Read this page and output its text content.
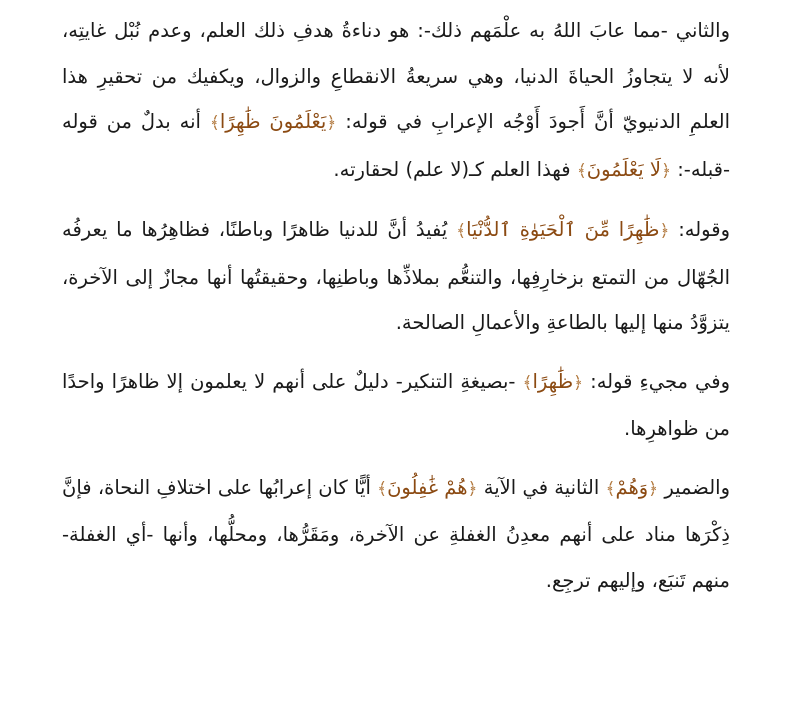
والثاني -مما عابَ اللهُ به علْمَهم ذلك-: هو دناءةُ هدفِ ذلك العلم، وعدم نُبْل غايتِه، لأنه لا يتجاوزُ الحياةَ الدنيا، وهي سريعةُ الانقطاعِ والزوال، ويكفيك من تحقيرِ هذا العلمِ الدنيويّ أنَّ أَجودَ أَوْجُه الإعرابِ في قوله: ﴿يَعْلَمُونَ ظَٰهِرًا﴾ أنه بدلٌ من قوله -قبله-: ﴿لَا يَعْلَمُونَ﴾ فهذا العلم كـ(لا علم) لحقارته.

وقوله: ﴿ظَٰهِرًا مِّنَ ٱلْحَيَوٰةِ ٱلدُّنْيَا﴾ يُفيدُ أنَّ للدنيا ظاهرًا وباطنًا، فظاهِرُها ما يعرفُه الجُهّال من التمتع بزخارِفِها، والتنعُّم بملاذِّها وباطنِها، وحقيقتُها أنها مجازٌ إلى الآخرة، يتزوَّدُ منها إليها بالطاعةِ والأعمالِ الصالحة.

وفي مجيءِ قوله: ﴿ظَٰهِرًا﴾ -بصيغةِ التنكير- دليلٌ على أنهم لا يعلمون إلا ظاهرًا واحدًا من ظواهرِها.

والضمير ﴿وَهُمْ﴾ الثانية في الآية ﴿هُمْ غَٰفِلُونَ﴾ أيًّا كان إعرابُها على اختلافِ النحاة، فإنَّ ذِكْرَها مناد على أنهم معدِنُ الغفلةِ عن الآخرة، ومَقَرُّها، ومحلُّها، وأنها -أي الغفلة- منهم تَنبَع، وإليهم ترجِع.
